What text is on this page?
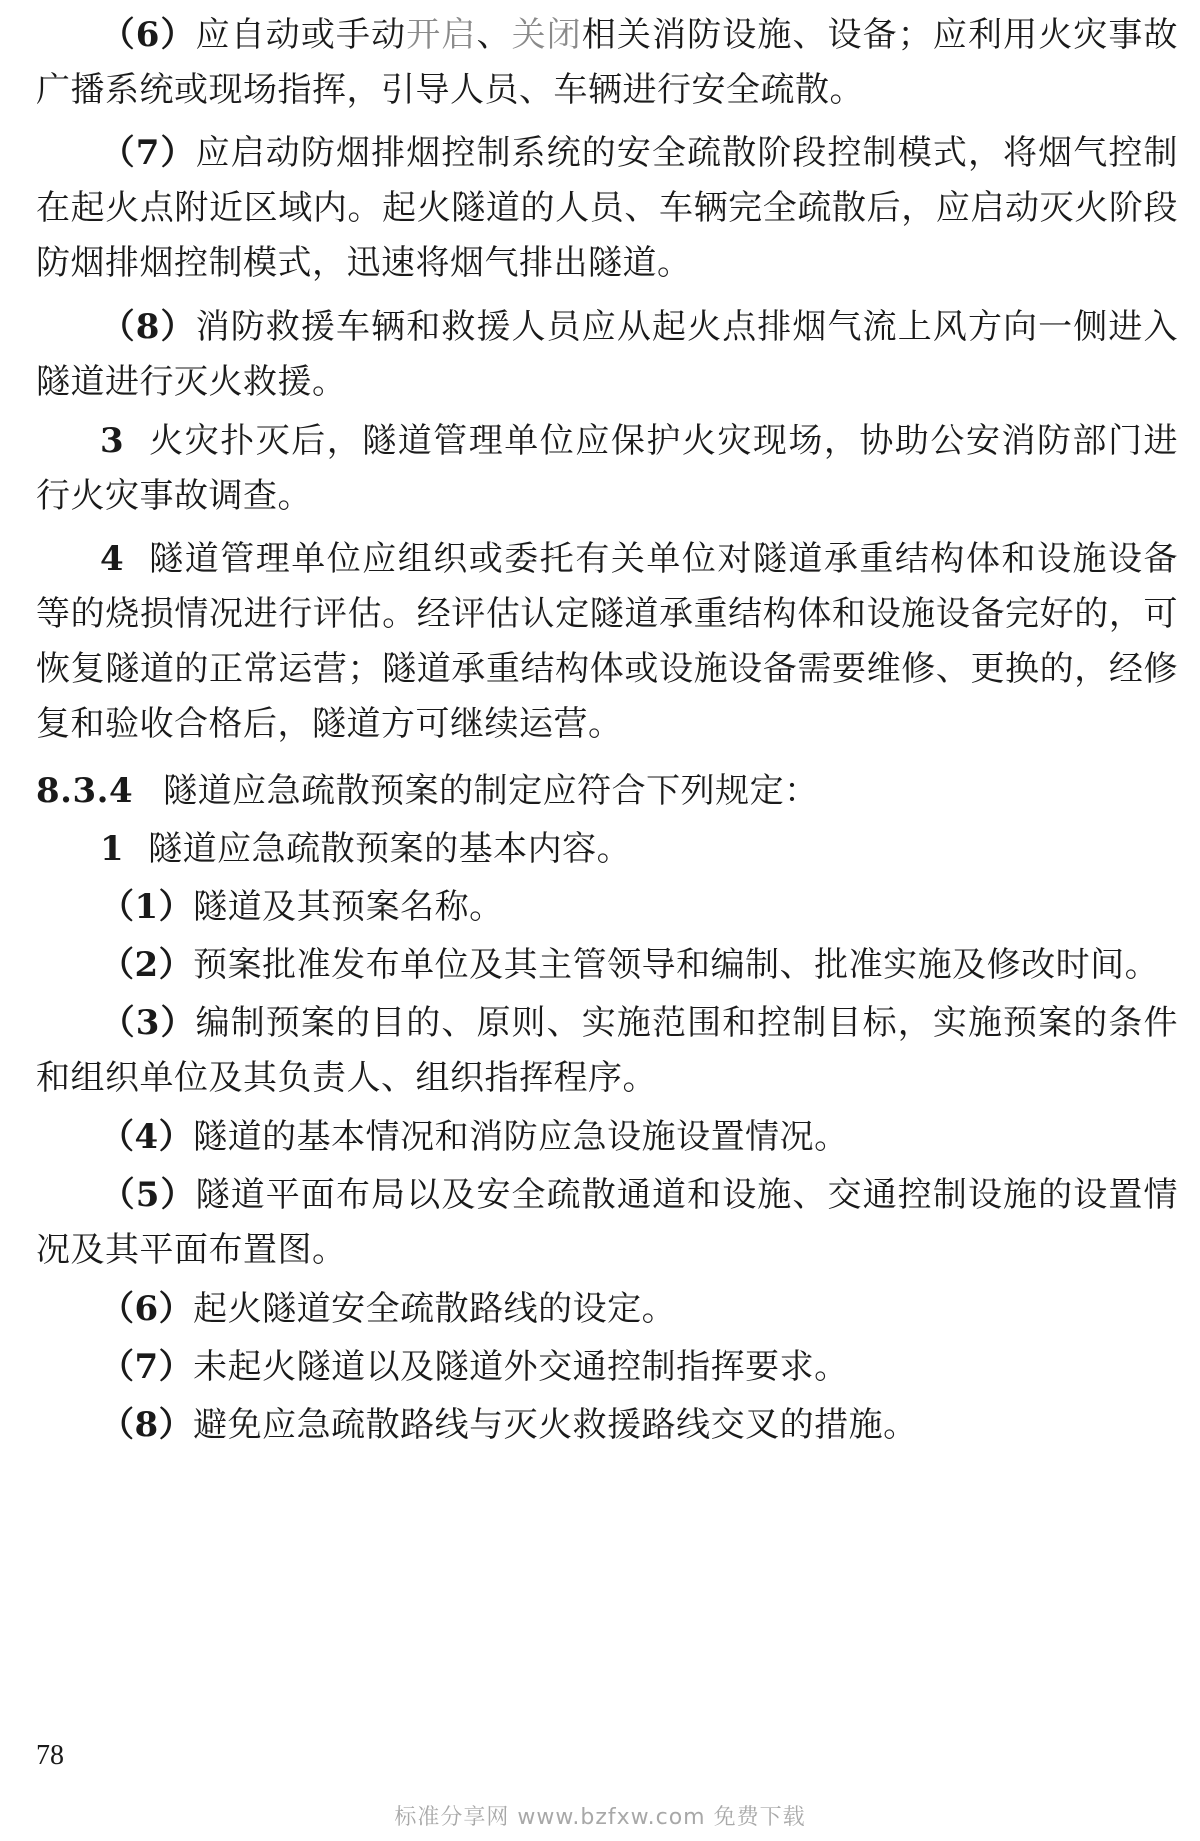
（6）应自动或手动开启、关闭相关消防设施、设备；应利用火灾事故广播系统或现场指挥，引导人员、车辆进行安全疏散。
（7）应启动防烟排烟控制系统的安全疏散阶段控制模式，将烟气控制在起火点附近区域内。起火隧道的人员、车辆完全疏散后，应启动灭火阶段防烟排烟控制模式，迅速将烟气排出隧道。
（8）消防救援车辆和救援人员应从起火点排烟气流上风方向一侧进入隧道进行灭火救援。
3 火灾扑灭后，隧道管理单位应保护火灾现场，协助公安消防部门进行火灾事故调查。
4 隧道管理单位应组织或委托有关单位对隧道承重结构体和设施设备等的烧损情况进行评估。经评估认定隧道承重结构体和设施设备完好的，可恢复隧道的正常运营；隧道承重结构体或设施设备需要维修、更换的，经修复和验收合格后，隧道方可继续运营。
8.3.4 隧道应急疏散预案的制定应符合下列规定：
1 隧道应急疏散预案的基本内容。
（1）隧道及其预案名称。
（2）预案批准发布单位及其主管领导和编制、批准实施及修改时间。
（3）编制预案的目的、原则、实施范围和控制目标，实施预案的条件和组织单位及其负责人、组织指挥程序。
（4）隧道的基本情况和消防应急设施设置情况。
（5）隧道平面布局以及安全疏散通道和设施、交通控制设施的设置情况及其平面布置图。
（6）起火隧道安全疏散路线的设定。
（7）未起火隧道以及隧道外交通控制指挥要求。
（8）避免应急疏散路线与灭火救援路线交叉的措施。
78
标准分享网 www.bzfxw.com 免费下载
